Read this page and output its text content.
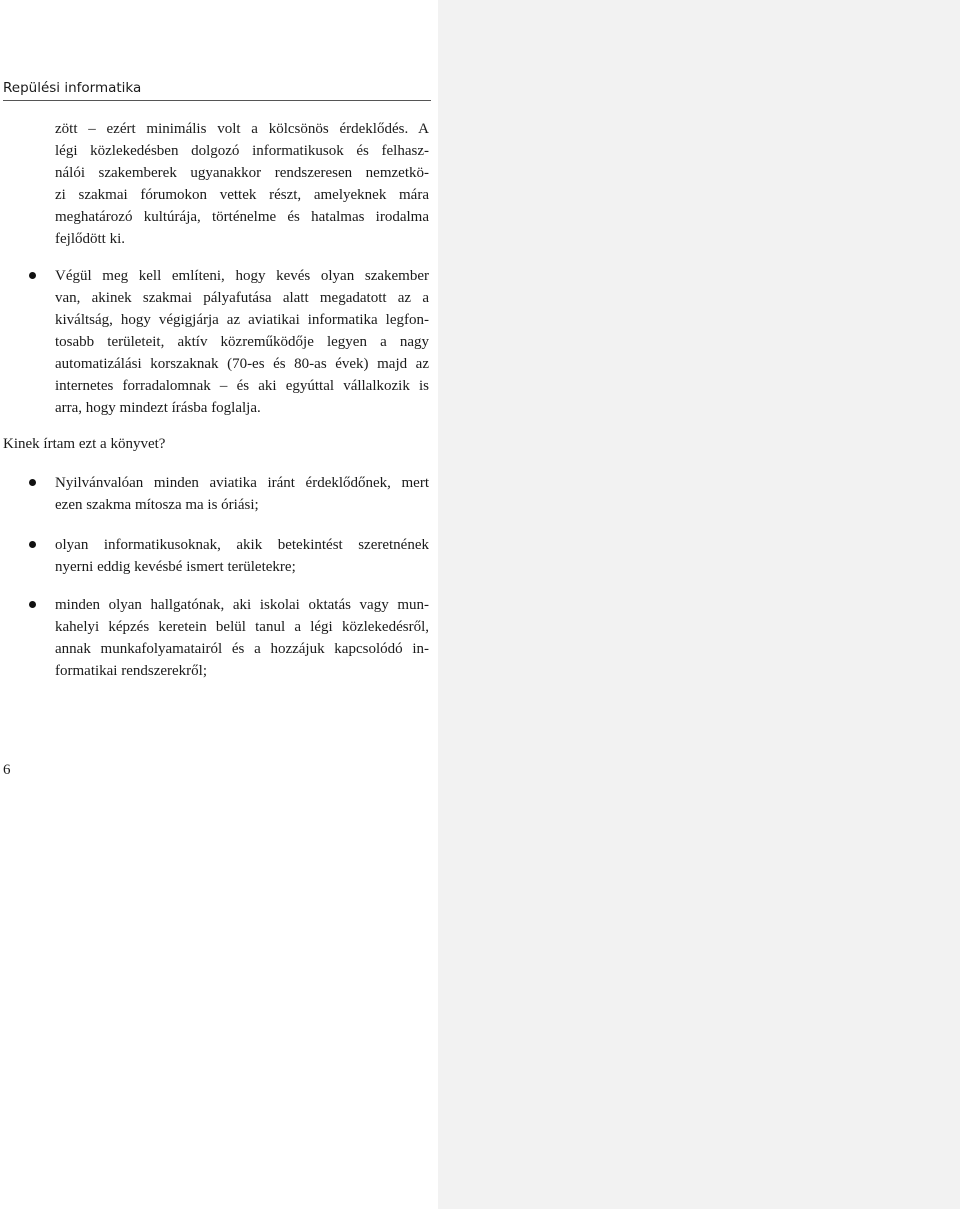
Repülési informatika
zött – ezért minimális volt a kölcsönös érdeklődés. A
légi közlekedésben dolgozó informatikusok és felhasz-
nálói szakemberek ugyanakkor rendszeresen nemzetkö-
zi szakmai fórumokon vettek részt, amelyeknek mára
meghatározó kultúrája, történelme és hatalmas irodalma
fejlődött ki.
Végül meg kell említeni, hogy kevés olyan szakember
van, akinek szakmai pályafutása alatt megadatott az a
kiváltság, hogy végigjárja az aviatikai informatika legfon-
tosabb területeit, aktív közreműködője legyen a nagy
automatizálási korszaknak (70-es és 80-as évek) majd az
internetes forradalomnak – és aki egyúttal vállalkozik is
arra, hogy mindezt írásba foglalja.
Kinek írtam ezt a könyvet?
Nyilvánvalóan minden aviatika iránt érdeklődőnek, mert
ezen szakma mítosza ma is óriási;
olyan informatikusoknak, akik betekintést szeretnének
nyerni eddig kevésbé ismert területekre;
minden olyan hallgatónak, aki iskolai oktatás vagy mun-
kahelyi képzés keretein belül tanul a légi közlekedésről,
annak munkafolyamatairól és a hozzájuk kapcsolódó in-
formatikai rendszerekről;
6
